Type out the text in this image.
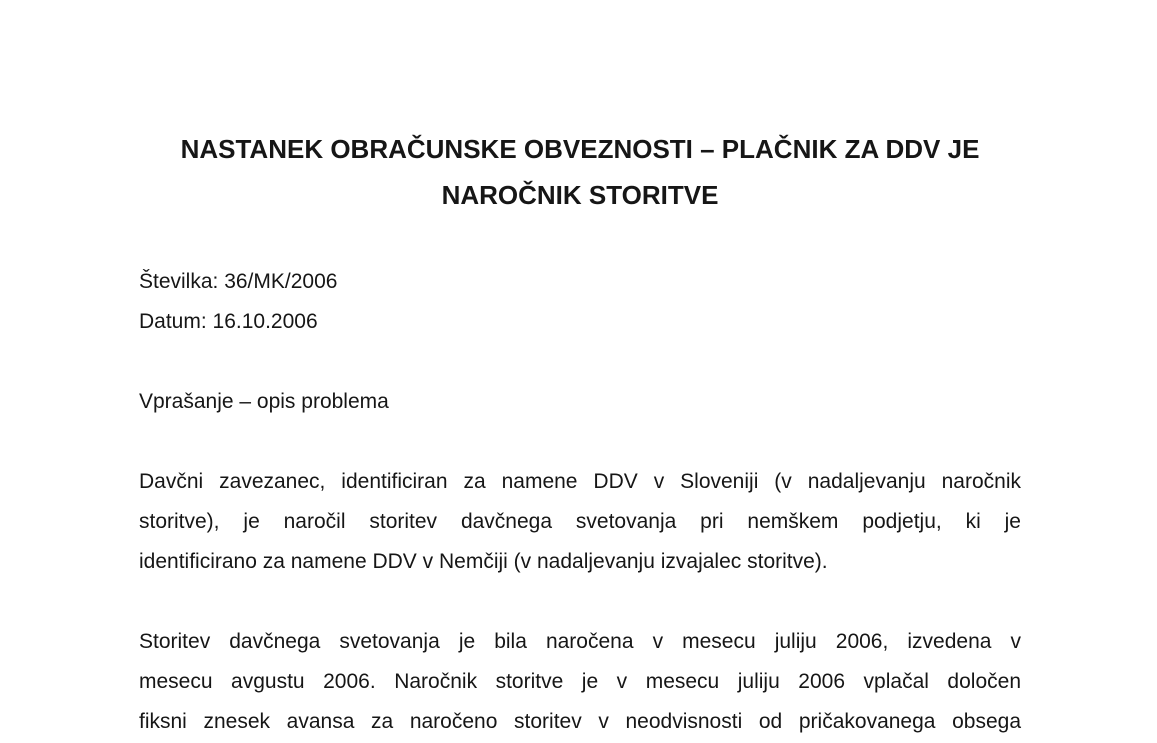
NASTANEK OBRAČUNSKE OBVEZNOSTI – PLAČNIK ZA DDV JE
NAROČNIK STORITVE
Številka: 36/MK/2006
Datum: 16.10.2006
Vprašanje – opis problema
Davčni zavezanec, identificiran za namene DDV v Sloveniji (v nadaljevanju naročnik
storitve), je naročil storitev davčnega svetovanja pri nemškem podjetju, ki je
identificirano za namene DDV v Nemčiji (v nadaljevanju izvajalec storitve).
Storitev davčnega svetovanja je bila naročena v mesecu juliju 2006, izvedena v
mesecu avgustu 2006. Naročnik storitve je v mesecu juliju 2006 vplačal določen
fiksni znesek avansa za naročeno storitev v neodvisnosti od pričakovanega obsega
